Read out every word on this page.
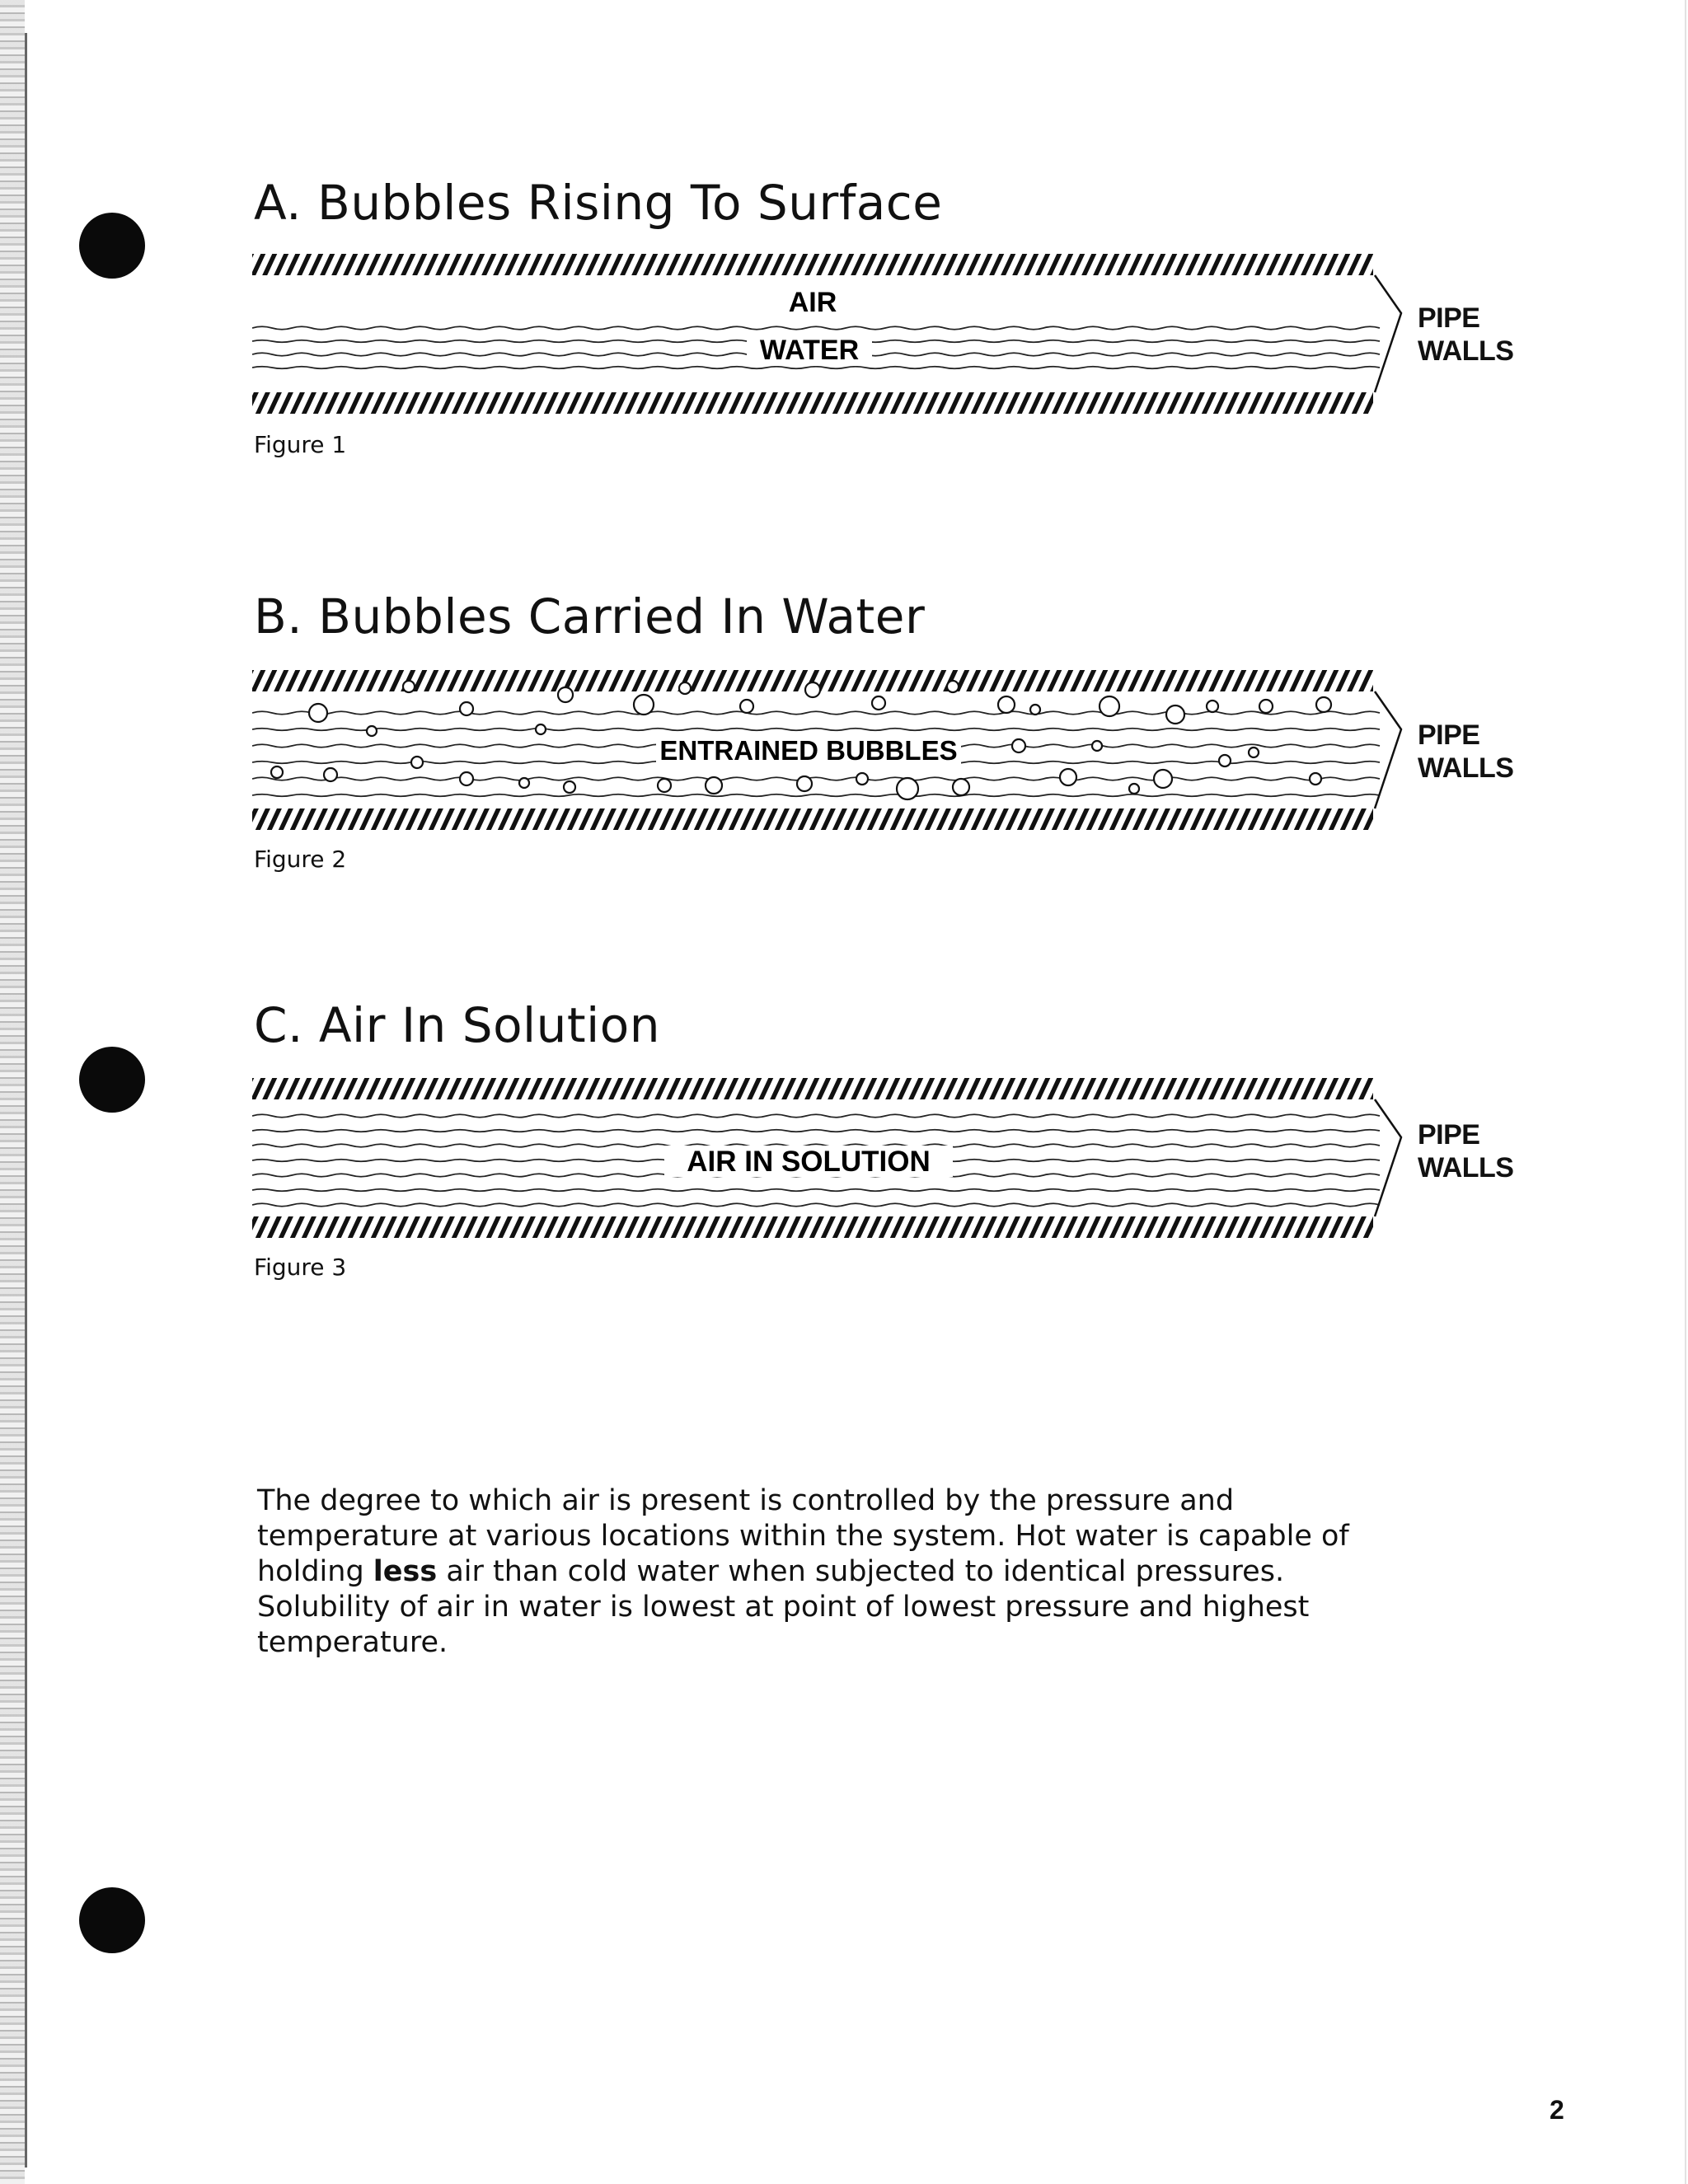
A. Bubbles Rising To Surface
AIR
WATER
PIPE
WALLS
Figure 1
B. Bubbles Carried In Water
ENTRAINED BUBBLES	PIPE
WALLS
Figure 2
C. Air In Solution
AIR IN SOLUTION
PIPE
WALLS
Figure 3

The degree to which air is present is controlled by the pressure and temperature at various locations within the system. Hot water is capable of holding less air than cold water when subjected to identical pressures. Solubility of air in water is lowest at point of lowest pressure and highest temperature.

2
